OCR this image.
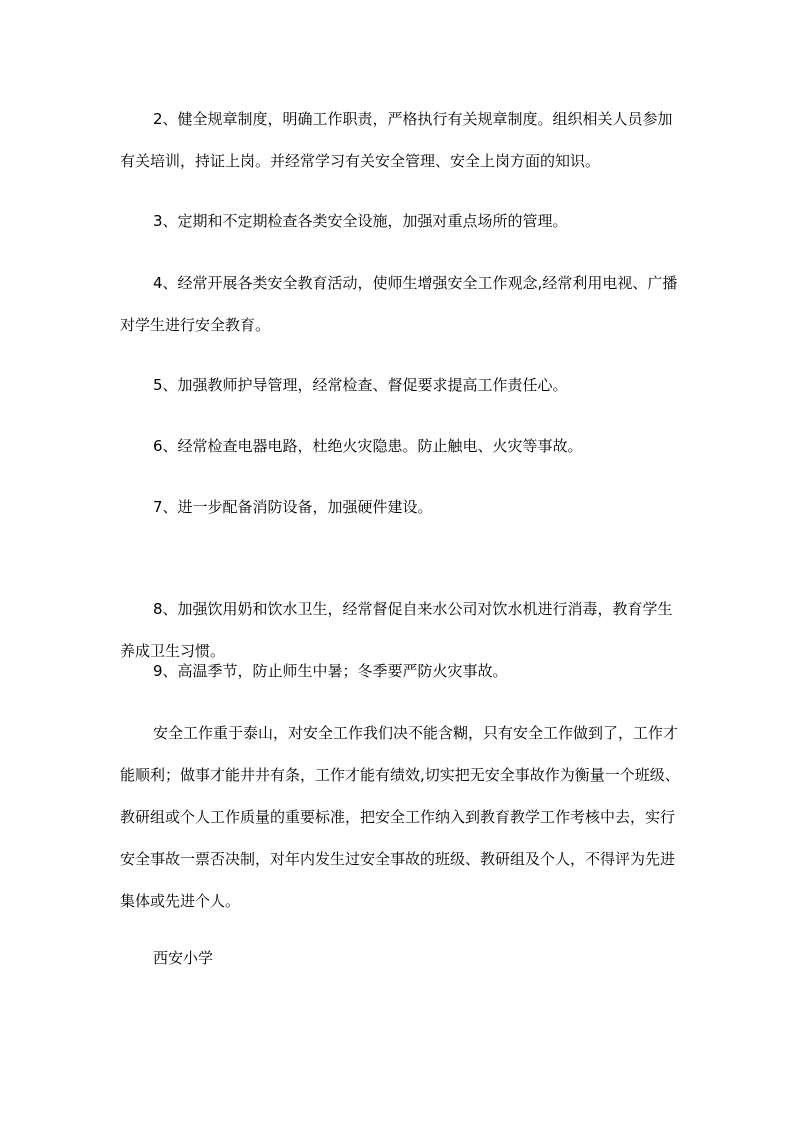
2、健全规章制度，明确工作职责，严格执行有关规章制度。组织相关人员参加有关培训，持证上岗。并经常学习有关安全管理、安全上岗方面的知识。

3、定期和不定期检查各类安全设施，加强对重点场所的管理。

4、经常开展各类安全教育活动，使师生增强安全工作观念,经常利用电视、广播对学生进行安全教育。

5、加强教师护导管理，经常检查、督促要求提高工作责任心。

6、经常检查电器电路，杜绝火灾隐患。防止触电、火灾等事故。

7、进一步配备消防设备，加强硬件建设。

8、加强饮用奶和饮水卫生，经常督促自来水公司对饮水机进行消毒，教育学生养成卫生习惯。

9、高温季节，防止师生中暑；冬季要严防火灾事故。

安全工作重于泰山，对安全工作我们决不能含糊，只有安全工作做到了，工作才能顺利；做事才能井井有条，工作才能有绩效,切实把无安全事故作为衡量一个班级、教研组或个人工作质量的重要标准，把安全工作纳入到教育教学工作考核中去，实行安全事故一票否决制，对年内发生过安全事故的班级、教研组及个人，不得评为先进集体或先进个人。

西安小学
